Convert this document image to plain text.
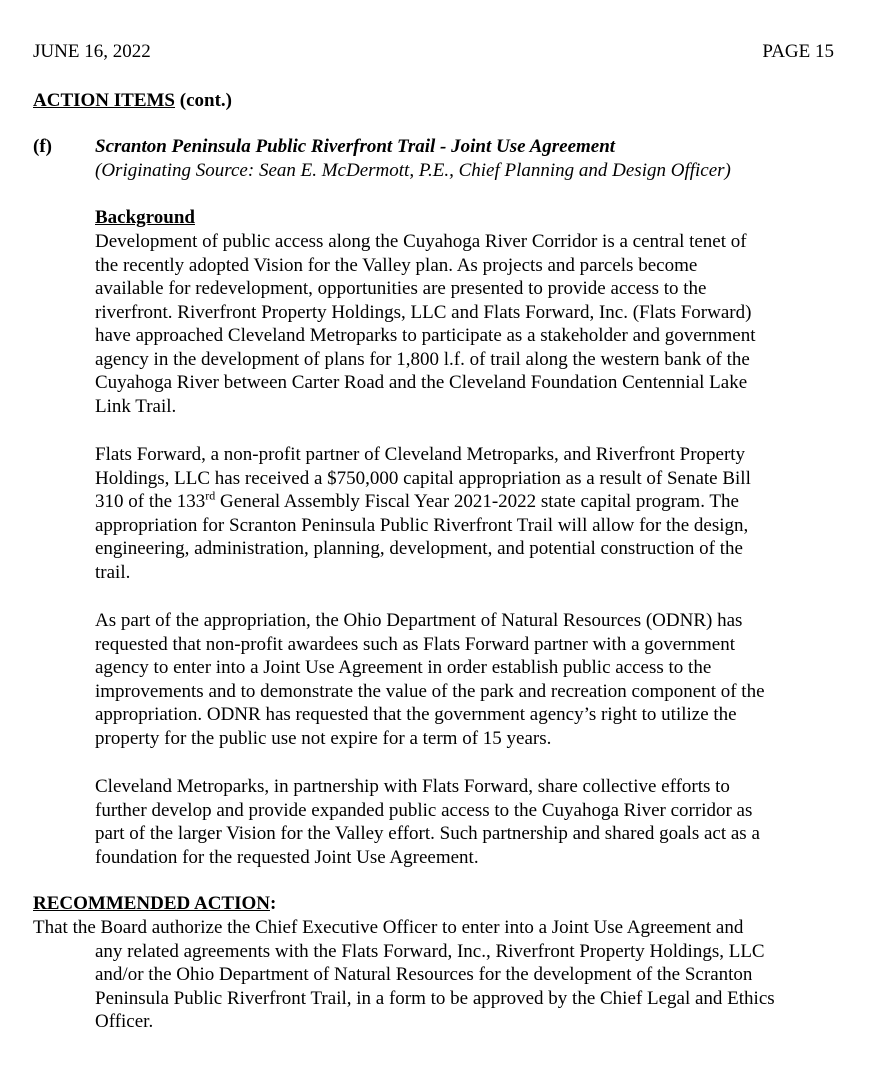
JUNE 16, 2022	PAGE 15
ACTION ITEMS (cont.)
(f) Scranton Peninsula Public Riverfront Trail - Joint Use Agreement
(Originating Source: Sean E. McDermott, P.E., Chief Planning and Design Officer)
Background
Development of public access along the Cuyahoga River Corridor is a central tenet of
the recently adopted Vision for the Valley plan. As projects and parcels become
available for redevelopment, opportunities are presented to provide access to the
riverfront. Riverfront Property Holdings, LLC and Flats Forward, Inc. (Flats Forward)
have approached Cleveland Metroparks to participate as a stakeholder and government
agency in the development of plans for 1,800 l.f. of trail along the western bank of the
Cuyahoga River between Carter Road and the Cleveland Foundation Centennial Lake
Link Trail.
Flats Forward, a non-profit partner of Cleveland Metroparks, and Riverfront Property
Holdings, LLC has received a $750,000 capital appropriation as a result of Senate Bill
310 of the 133rd General Assembly Fiscal Year 2021-2022 state capital program. The
appropriation for Scranton Peninsula Public Riverfront Trail will allow for the design,
engineering, administration, planning, development, and potential construction of the
trail.
As part of the appropriation, the Ohio Department of Natural Resources (ODNR) has
requested that non-profit awardees such as Flats Forward partner with a government
agency to enter into a Joint Use Agreement in order establish public access to the
improvements and to demonstrate the value of the park and recreation component of the
appropriation. ODNR has requested that the government agency’s right to utilize the
property for the public use not expire for a term of 15 years.
Cleveland Metroparks, in partnership with Flats Forward, share collective efforts to
further develop and provide expanded public access to the Cuyahoga River corridor as
part of the larger Vision for the Valley effort. Such partnership and shared goals act as a
foundation for the requested Joint Use Agreement.
RECOMMENDED ACTION:
That the Board authorize the Chief Executive Officer to enter into a Joint Use Agreement and
any related agreements with the Flats Forward, Inc., Riverfront Property Holdings, LLC
and/or the Ohio Department of Natural Resources for the development of the Scranton
Peninsula Public Riverfront Trail, in a form to be approved by the Chief Legal and Ethics
Officer.
